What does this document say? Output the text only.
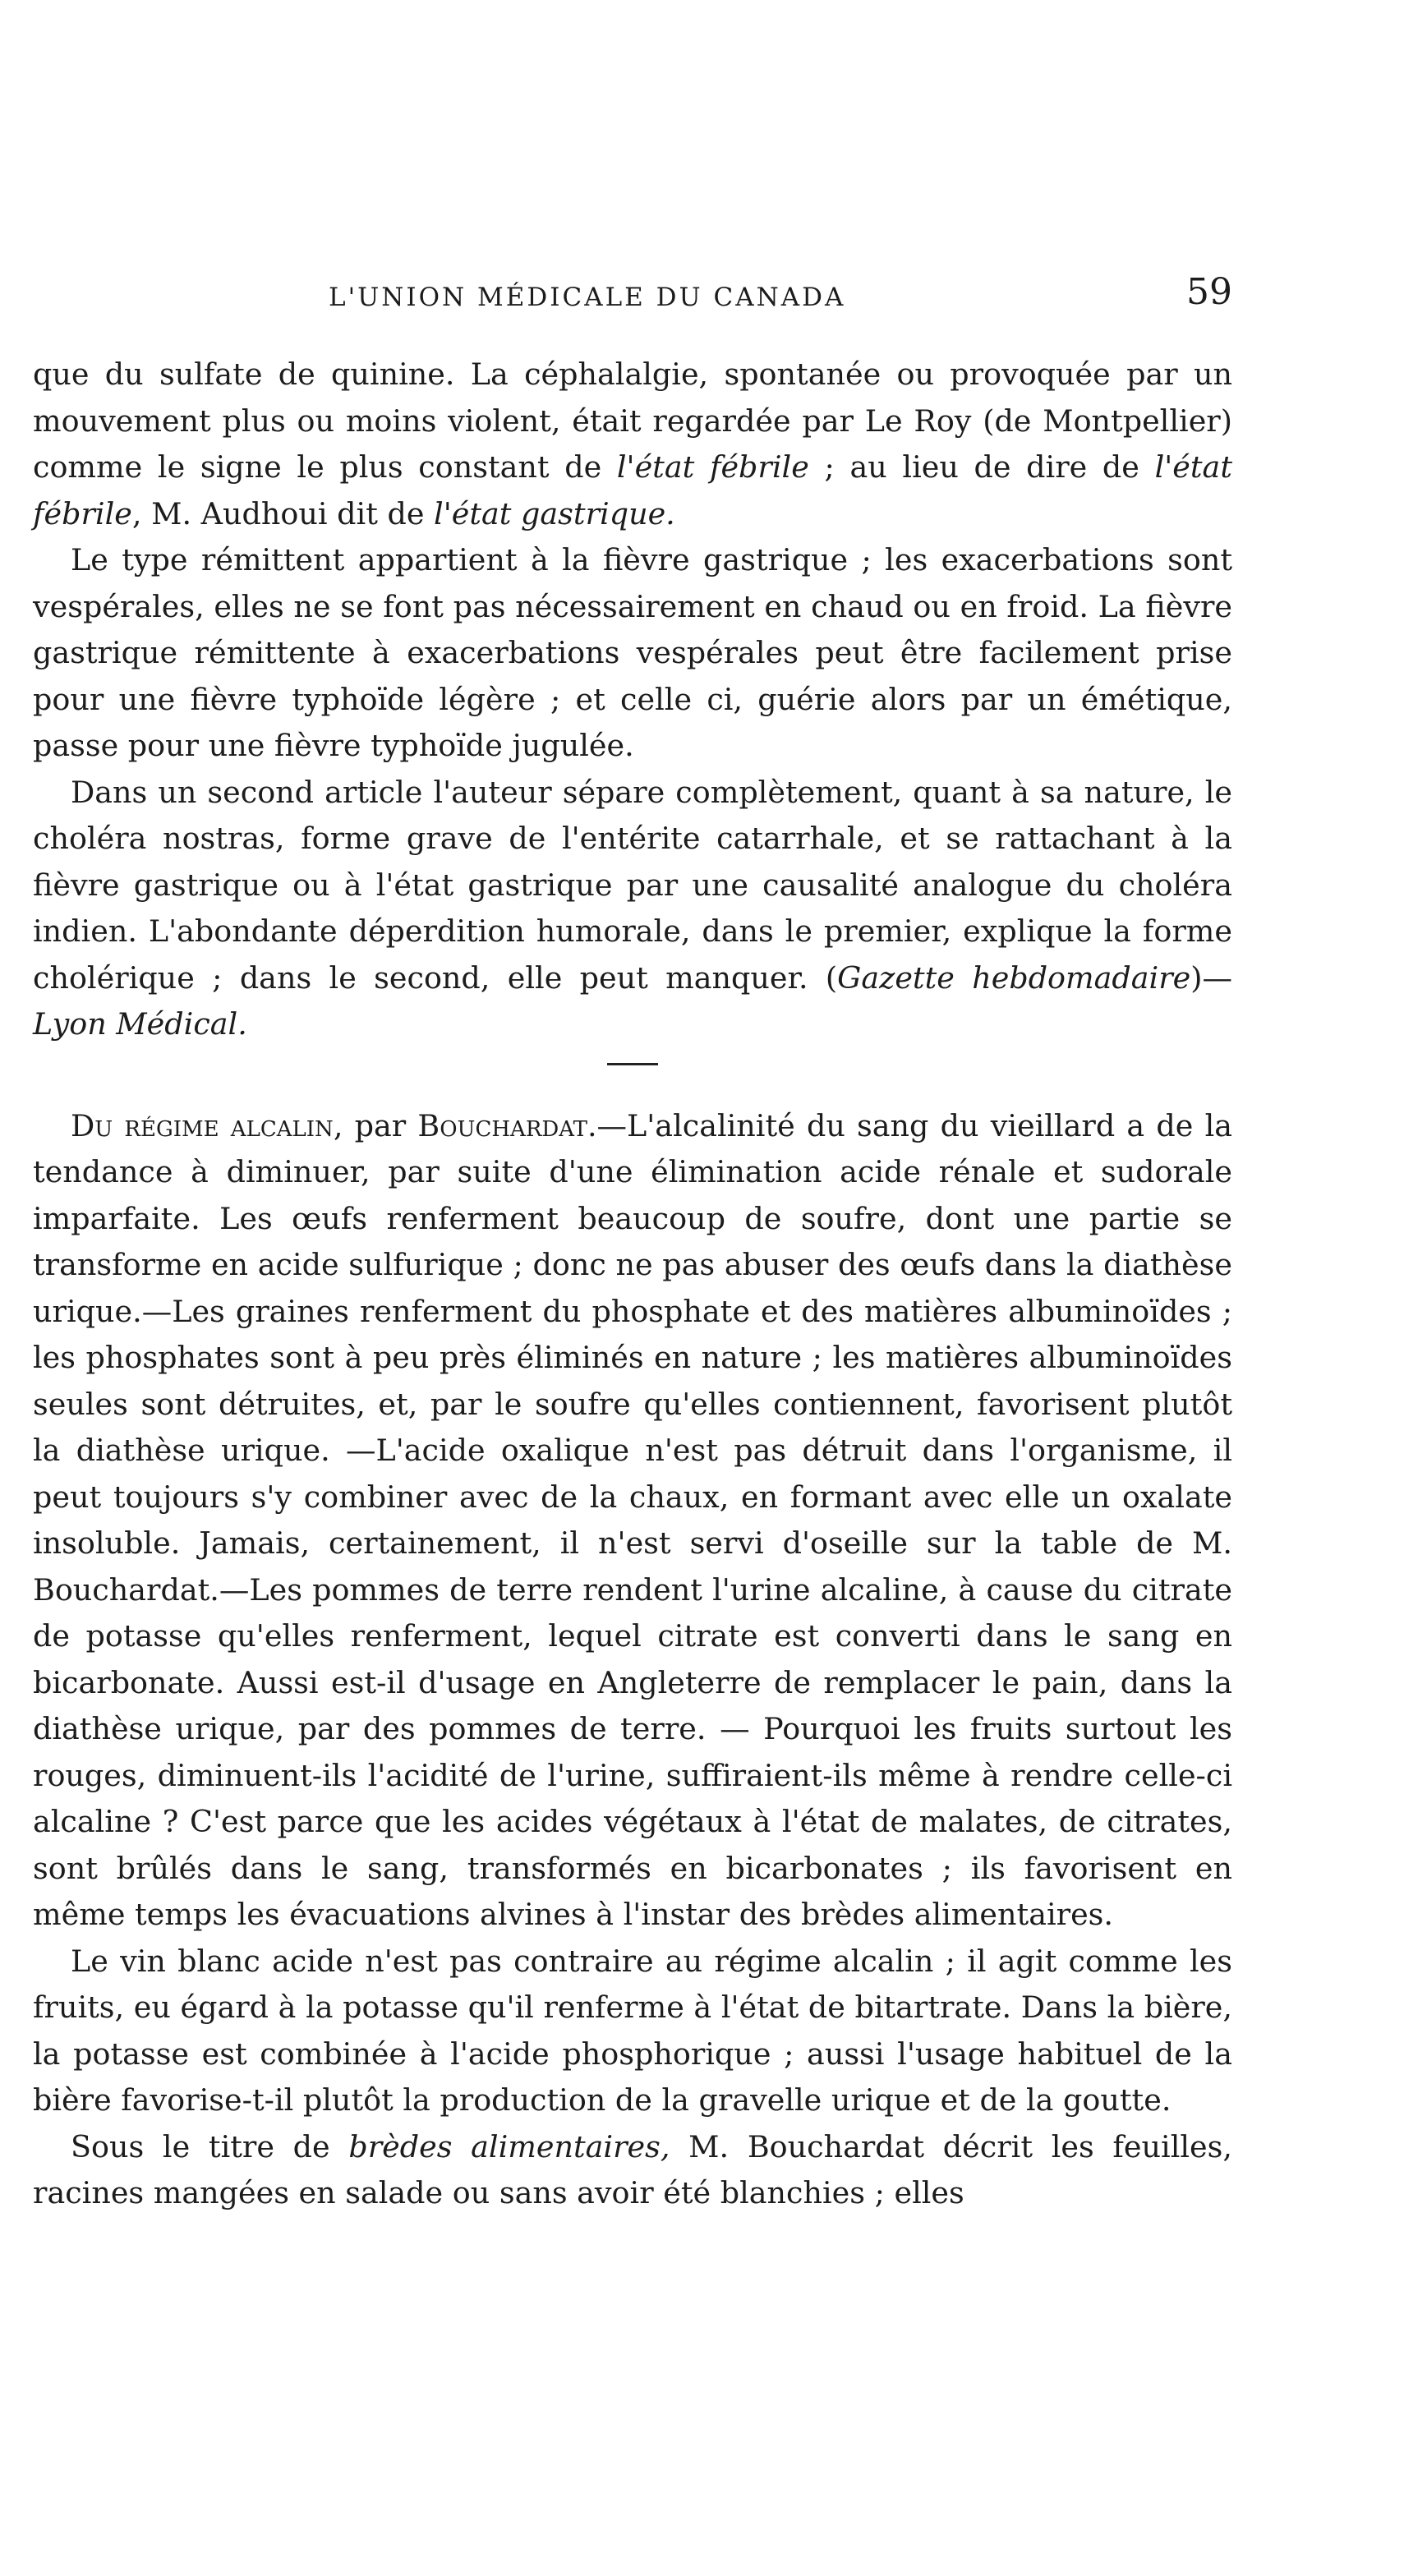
L'UNION MÉDICALE DU CANADA	59

que du sulfate de quinine. La céphalalgie, spontanée ou provoquée par un mouvement plus ou moins violent, était regardée par Le Roy (de Montpellier) comme le signe le plus constant de l'état fébrile ; au lieu de dire de l'état fébrile, M. Audhoui dit de l'état gastrique.

Le type rémittent appartient à la fièvre gastrique ; les exacerbations sont vespérales, elles ne se font pas nécessairement en chaud ou en froid. La fièvre gastrique rémittente à exacerbations vespérales peut être facilement prise pour une fièvre typhoïde légère ; et celle ci, guérie alors par un émétique, passe pour une fièvre typhoïde jugulée.

Dans un second article l'auteur sépare complètement, quant à sa nature, le choléra nostras, forme grave de l'entérite catarrhale, et se rattachant à la fièvre gastrique ou à l'état gastrique par une causalité analogue du choléra indien. L'abondante déperdition humorale, dans le premier, explique la forme cholérique ; dans le second, elle peut manquer. (Gazette hebdomadaire)—Lyon Médical.

Du régime alcalin, par Bouchardat.—L'alcalinité du sang du vieillard a de la tendance à diminuer, par suite d'une élimination acide rénale et sudorale imparfaite. Les œufs renferment beaucoup de soufre, dont une partie se transforme en acide sulfurique ; donc ne pas abuser des œufs dans la diathèse urique.—Les graines renferment du phosphate et des matières albuminoïdes ; les phosphates sont à peu près éliminés en nature ; les matières albuminoïdes seules sont détruites, et, par le soufre qu'elles contiennent, favorisent plutôt la diathèse urique. —L'acide oxalique n'est pas détruit dans l'organisme, il peut toujours s'y combiner avec de la chaux, en formant avec elle un oxalate insoluble. Jamais, certainement, il n'est servi d'oseille sur la table de M. Bouchardat.—Les pommes de terre rendent l'urine alcaline, à cause du citrate de potasse qu'elles renferment, lequel citrate est converti dans le sang en bicarbonate. Aussi est-il d'usage en Angleterre de remplacer le pain, dans la diathèse urique, par des pommes de terre. — Pourquoi les fruits surtout les rouges, diminuent-ils l'acidité de l'urine, suffiraient-ils même à rendre celle-ci alcaline ? C'est parce que les acides végétaux à l'état de malates, de citrates, sont brûlés dans le sang, transformés en bicarbonates ; ils favorisent en même temps les évacuations alvines à l'instar des brèdes alimentaires.

Le vin blanc acide n'est pas contraire au régime alcalin ; il agit comme les fruits, eu égard à la potasse qu'il renferme à l'état de bitartrate. Dans la bière, la potasse est combinée à l'acide phosphorique ; aussi l'usage habituel de la bière favorise-t-il plutôt la production de la gravelle urique et de la goutte.

Sous le titre de brèdes alimentaires, M. Bouchardat décrit les feuilles, racines mangées en salade ou sans avoir été blanchies ; elles
